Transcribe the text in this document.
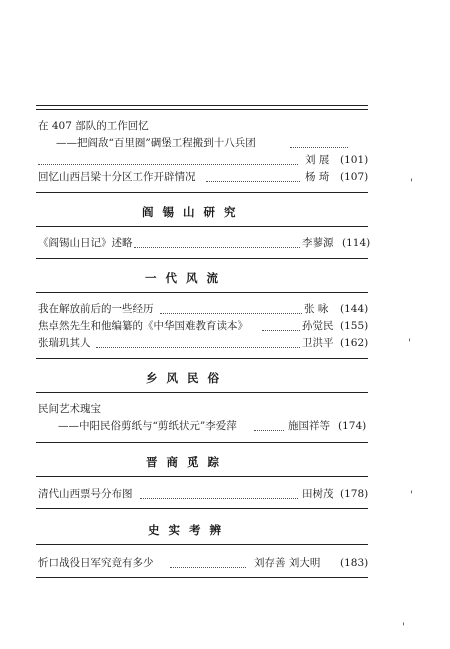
在 407 部队的工作回忆
——把阎敌“百里圈”碉堡工程搬到十八兵团
刘 展 (101)
回忆山西吕梁十分区工作开辟情况	杨 琦 (107)
'
阎锡山研究
《阎锡山日记》述略	李蓼源 (114)
一代风流
我在解放前后的一些经历	张 咏 (144)
焦卓然先生和他编纂的《中华国难教育读本》	孙觉民 (155)
张瑞玑其人	卫洪平 (162)	'
乡风民俗
民间艺术瑰宝
——中阳民俗剪纸与“剪纸状元”李爱萍	施国祥等 (174)
晋商觅踪
清代山西票号分布图	田树茂 (178)	'
史实考辨
忻口战役日军究竟有多少	刘存善 刘大明 (183)
'
